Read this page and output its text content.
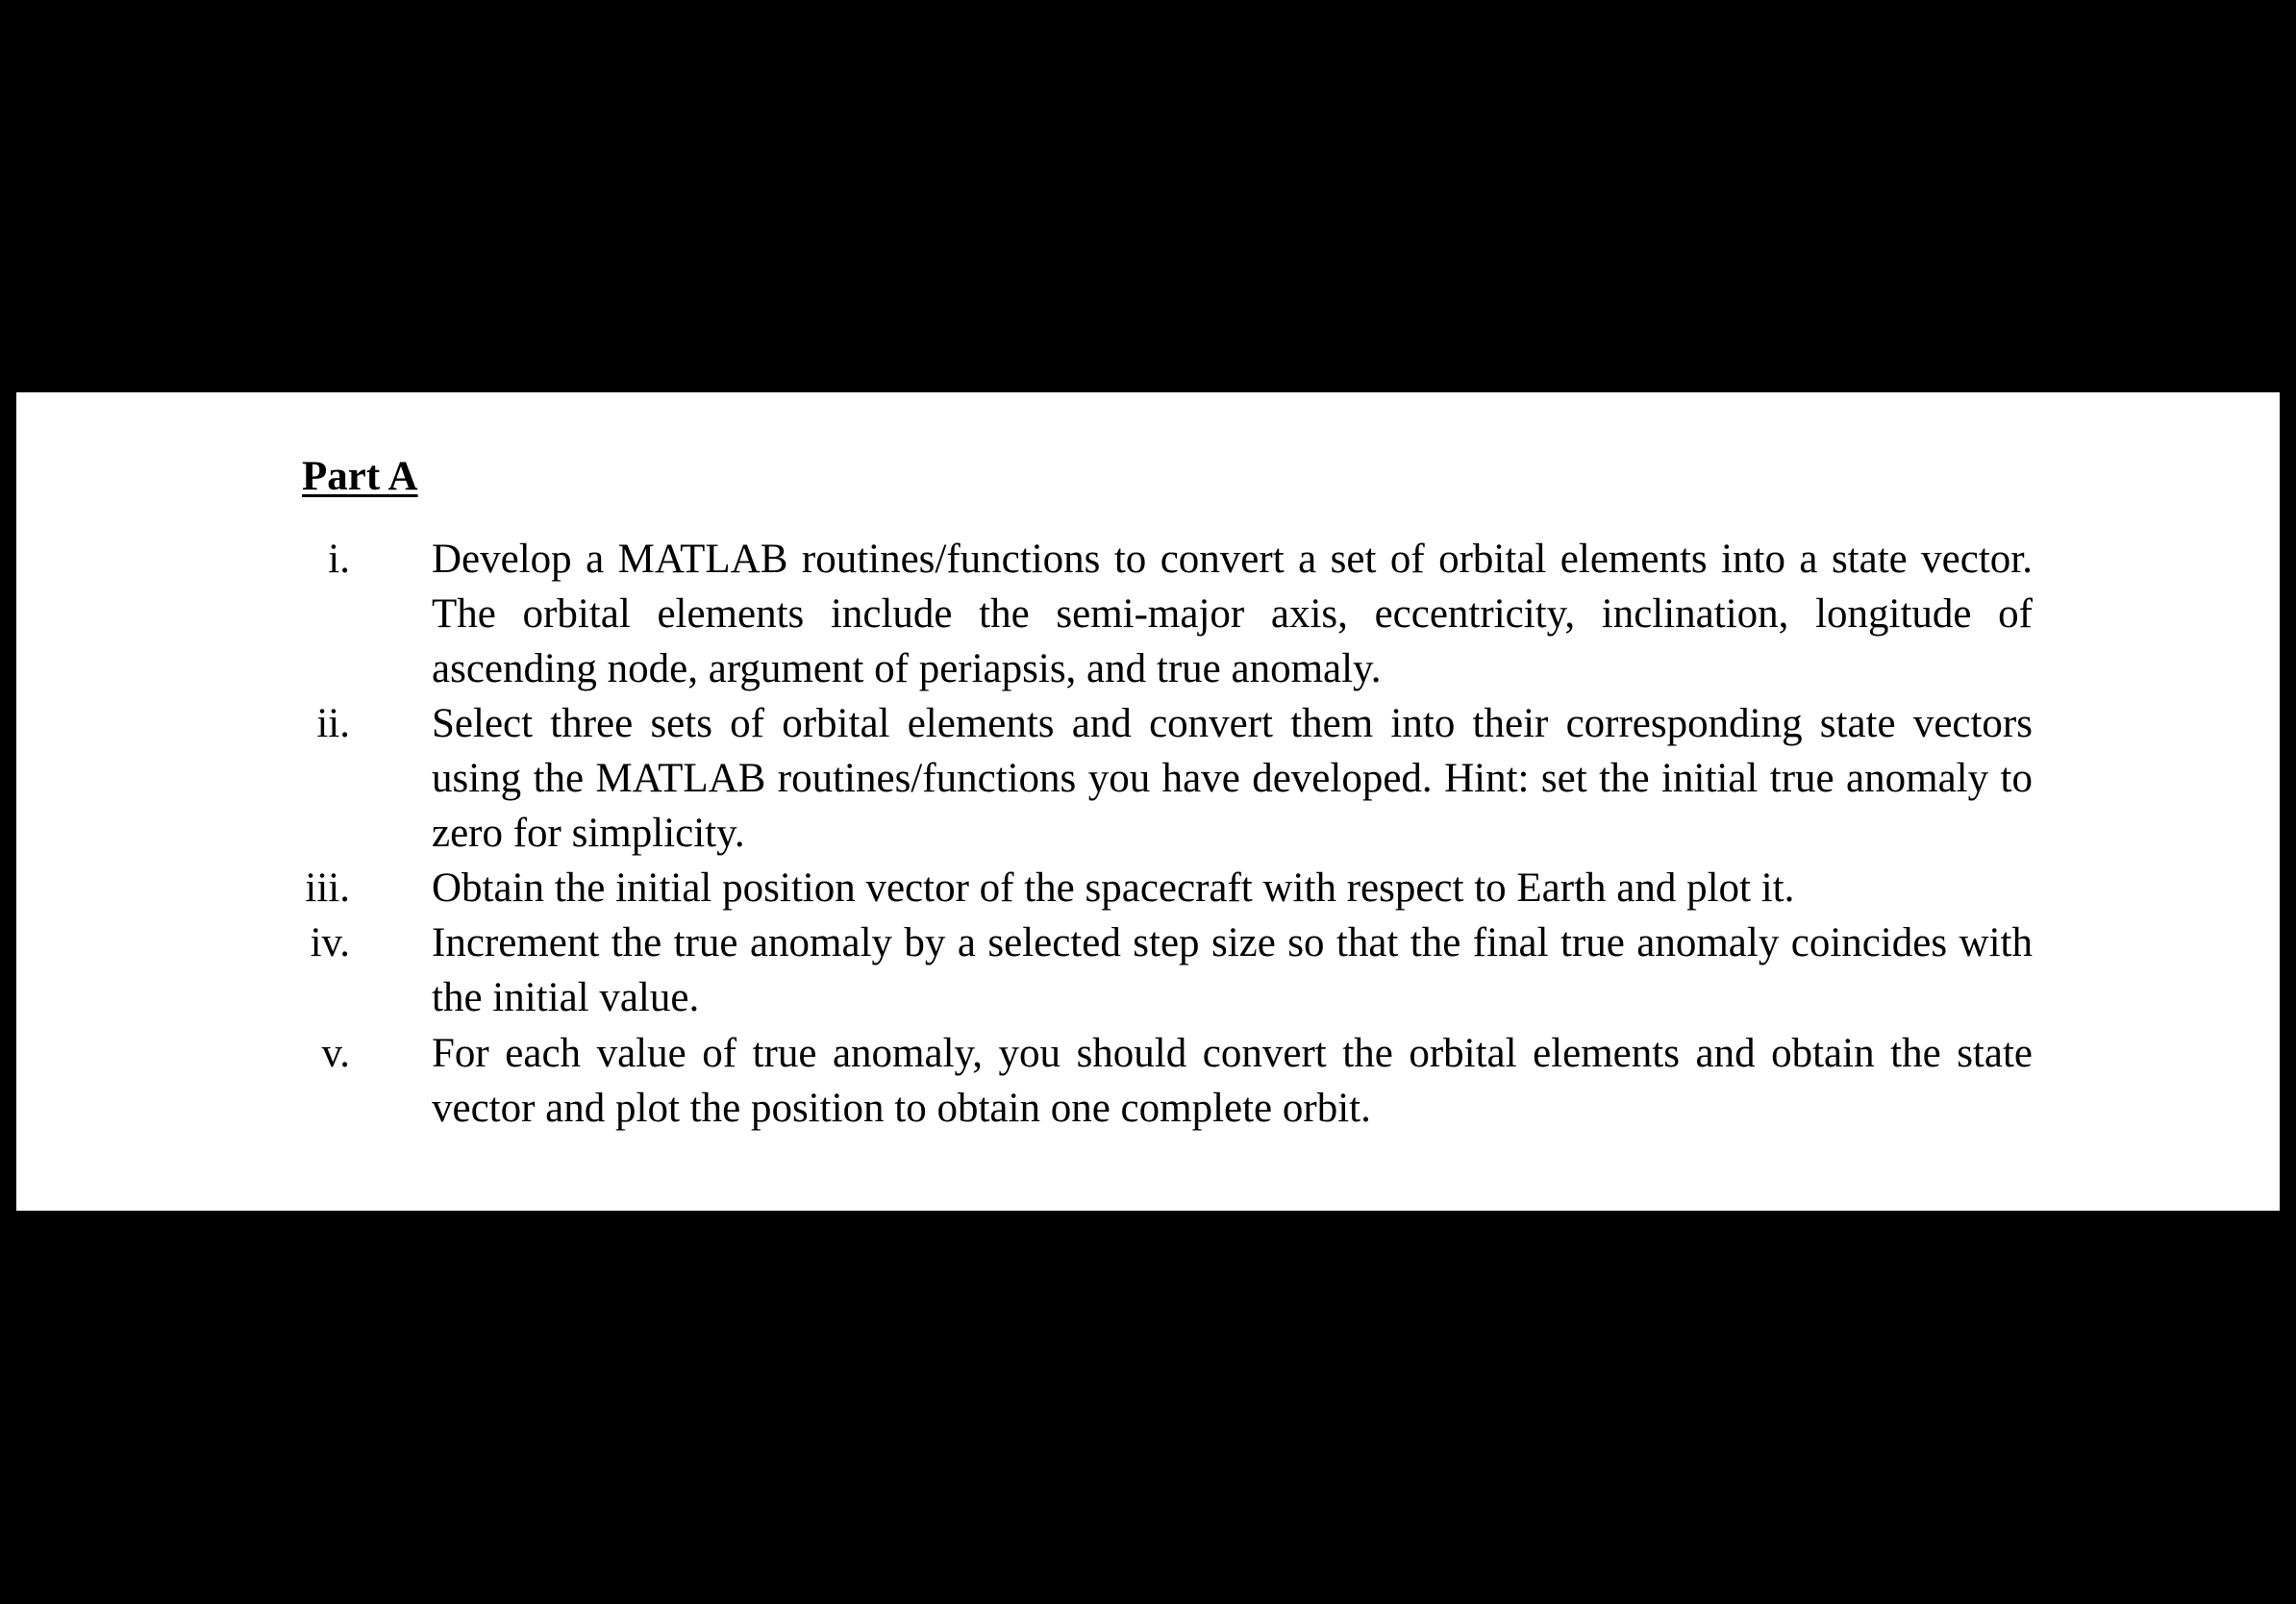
Part A
i.	Develop a MATLAB routines/functions to convert a set of orbital elements into a state vector. The orbital elements include the semi-major axis, eccentricity, inclination, longitude of ascending node, argument of periapsis, and true anomaly.
ii.	Select three sets of orbital elements and convert them into their corresponding state vectors using the MATLAB routines/functions you have developed. Hint: set the initial true anomaly to zero for simplicity.
iii.	Obtain the initial position vector of the spacecraft with respect to Earth and plot it.
iv.	Increment the true anomaly by a selected step size so that the final true anomaly coincides with the initial value.
v.	For each value of true anomaly, you should convert the orbital elements and obtain the state vector and plot the position to obtain one complete orbit.
